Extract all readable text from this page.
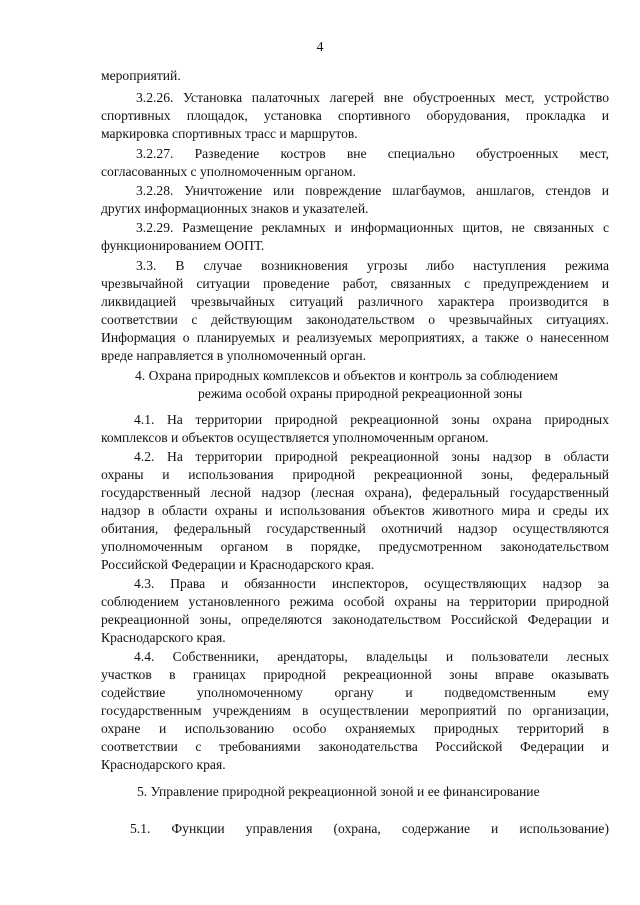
4
мероприятий.
3.2.26. Установка палаточных лагерей вне обустроенных мест, устройство
спортивных площадок, установка спортивного оборудования, прокладка и
маркировка спортивных трасс и маршрутов.
3.2.27. Разведение костров вне специально обустроенных мест,
согласованных с уполномоченным органом.
3.2.28. Уничтожение или повреждение шлагбаумов, аншлагов, стендов и
других информационных знаков и указателей.
3.2.29. Размещение рекламных и информационных щитов, не связанных с
функционированием ООПТ.
3.3. В случае возникновения угрозы либо наступления режима
чрезвычайной ситуации проведение работ, связанных с предупреждением и
ликвидацией чрезвычайных ситуаций различного характера производится в
соответствии с действующим законодательством о чрезвычайных ситуациях.
Информация о планируемых и реализуемых мероприятиях, а также о нанесенном
вреде направляется в уполномоченный орган.
4. Охрана природных комплексов и объектов и контроль за соблюдением
режима особой охраны природной рекреационной зоны
4.1. На территории природной рекреационной зоны охрана природных
комплексов и объектов осуществляется уполномоченным органом.
4.2. На территории природной рекреационной зоны надзор в области
охраны и использования природной рекреационной зоны, федеральный
государственный лесной надзор (лесная охрана), федеральный государственный
надзор в области охраны и использования объектов животного мира и среды их
обитания, федеральный государственный охотничий надзор осуществляются
уполномоченным органом в порядке, предусмотренном законодательством
Российской Федерации и Краснодарского края.
4.3. Права и обязанности инспекторов, осуществляющих надзор за
соблюдением установленного режима особой охраны на территории природной
рекреационной зоны, определяются законодательством Российской Федерации и
Краснодарского края.
4.4. Собственники, арендаторы, владельцы и пользователи лесных
участков в границах природной рекреационной зоны вправе оказывать
содействие уполномоченному органу и подведомственным ему
государственным учреждениям в осуществлении мероприятий по организации,
охране и использованию особо охраняемых природных территорий в
соответствии с требованиями законодательства Российской Федерации и
Краснодарского края.
5. Управление природной рекреационной зоной и ее финансирование
5.1. Функции управления (охрана, содержание и использование)
